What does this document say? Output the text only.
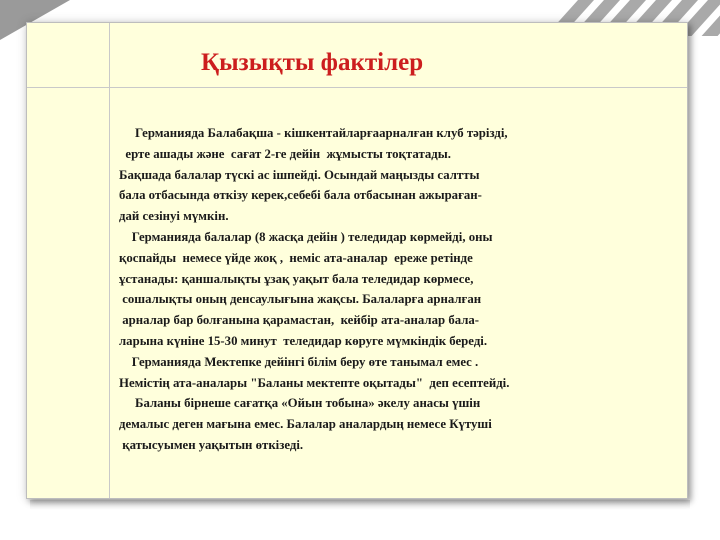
Қызықты фактілер

Германияда Балабақша - кішкентайларғаарналған клуб тәрізді,
ерте ашады және  сағат 2-ге дейін  жұмысты тоқтатады.
Бақшада балалар түскі ас ішпейді. Осындай маңызды салтты
бала отбасында өткізу керек,себебі бала отбасынан ажыраған-
дай сезінуі мүмкін.
Германияда балалар (8 жасқа дейін ) теледидар көрмейді, оны
қоспайды  немесе үйде жоқ ,  неміс ата-аналар  ереже ретінде
ұстанады: қаншалықты ұзақ уақыт бала теледидар көрмесе,
сошалықты оның денсаулығына жақсы. Балаларға арналған
арналар бар болғанына қарамастан,  кейбір ата-аналар бала-
ларына күніне 15-30 минут  теледидар көруге мүмкіндік береді.
Германияда Мектепке дейінгі білім беру өте танымал емес .
Немістің ата-аналары "Баланы мектепте оқытады"  деп есептейді.
Баланы бірнеше сағатқа «Ойын тобына» әкелу анасы үшін
демалыс деген мағына емес. Балалар аналардың немесе Күтуші
қатысуымен уақытын өткізеді.
